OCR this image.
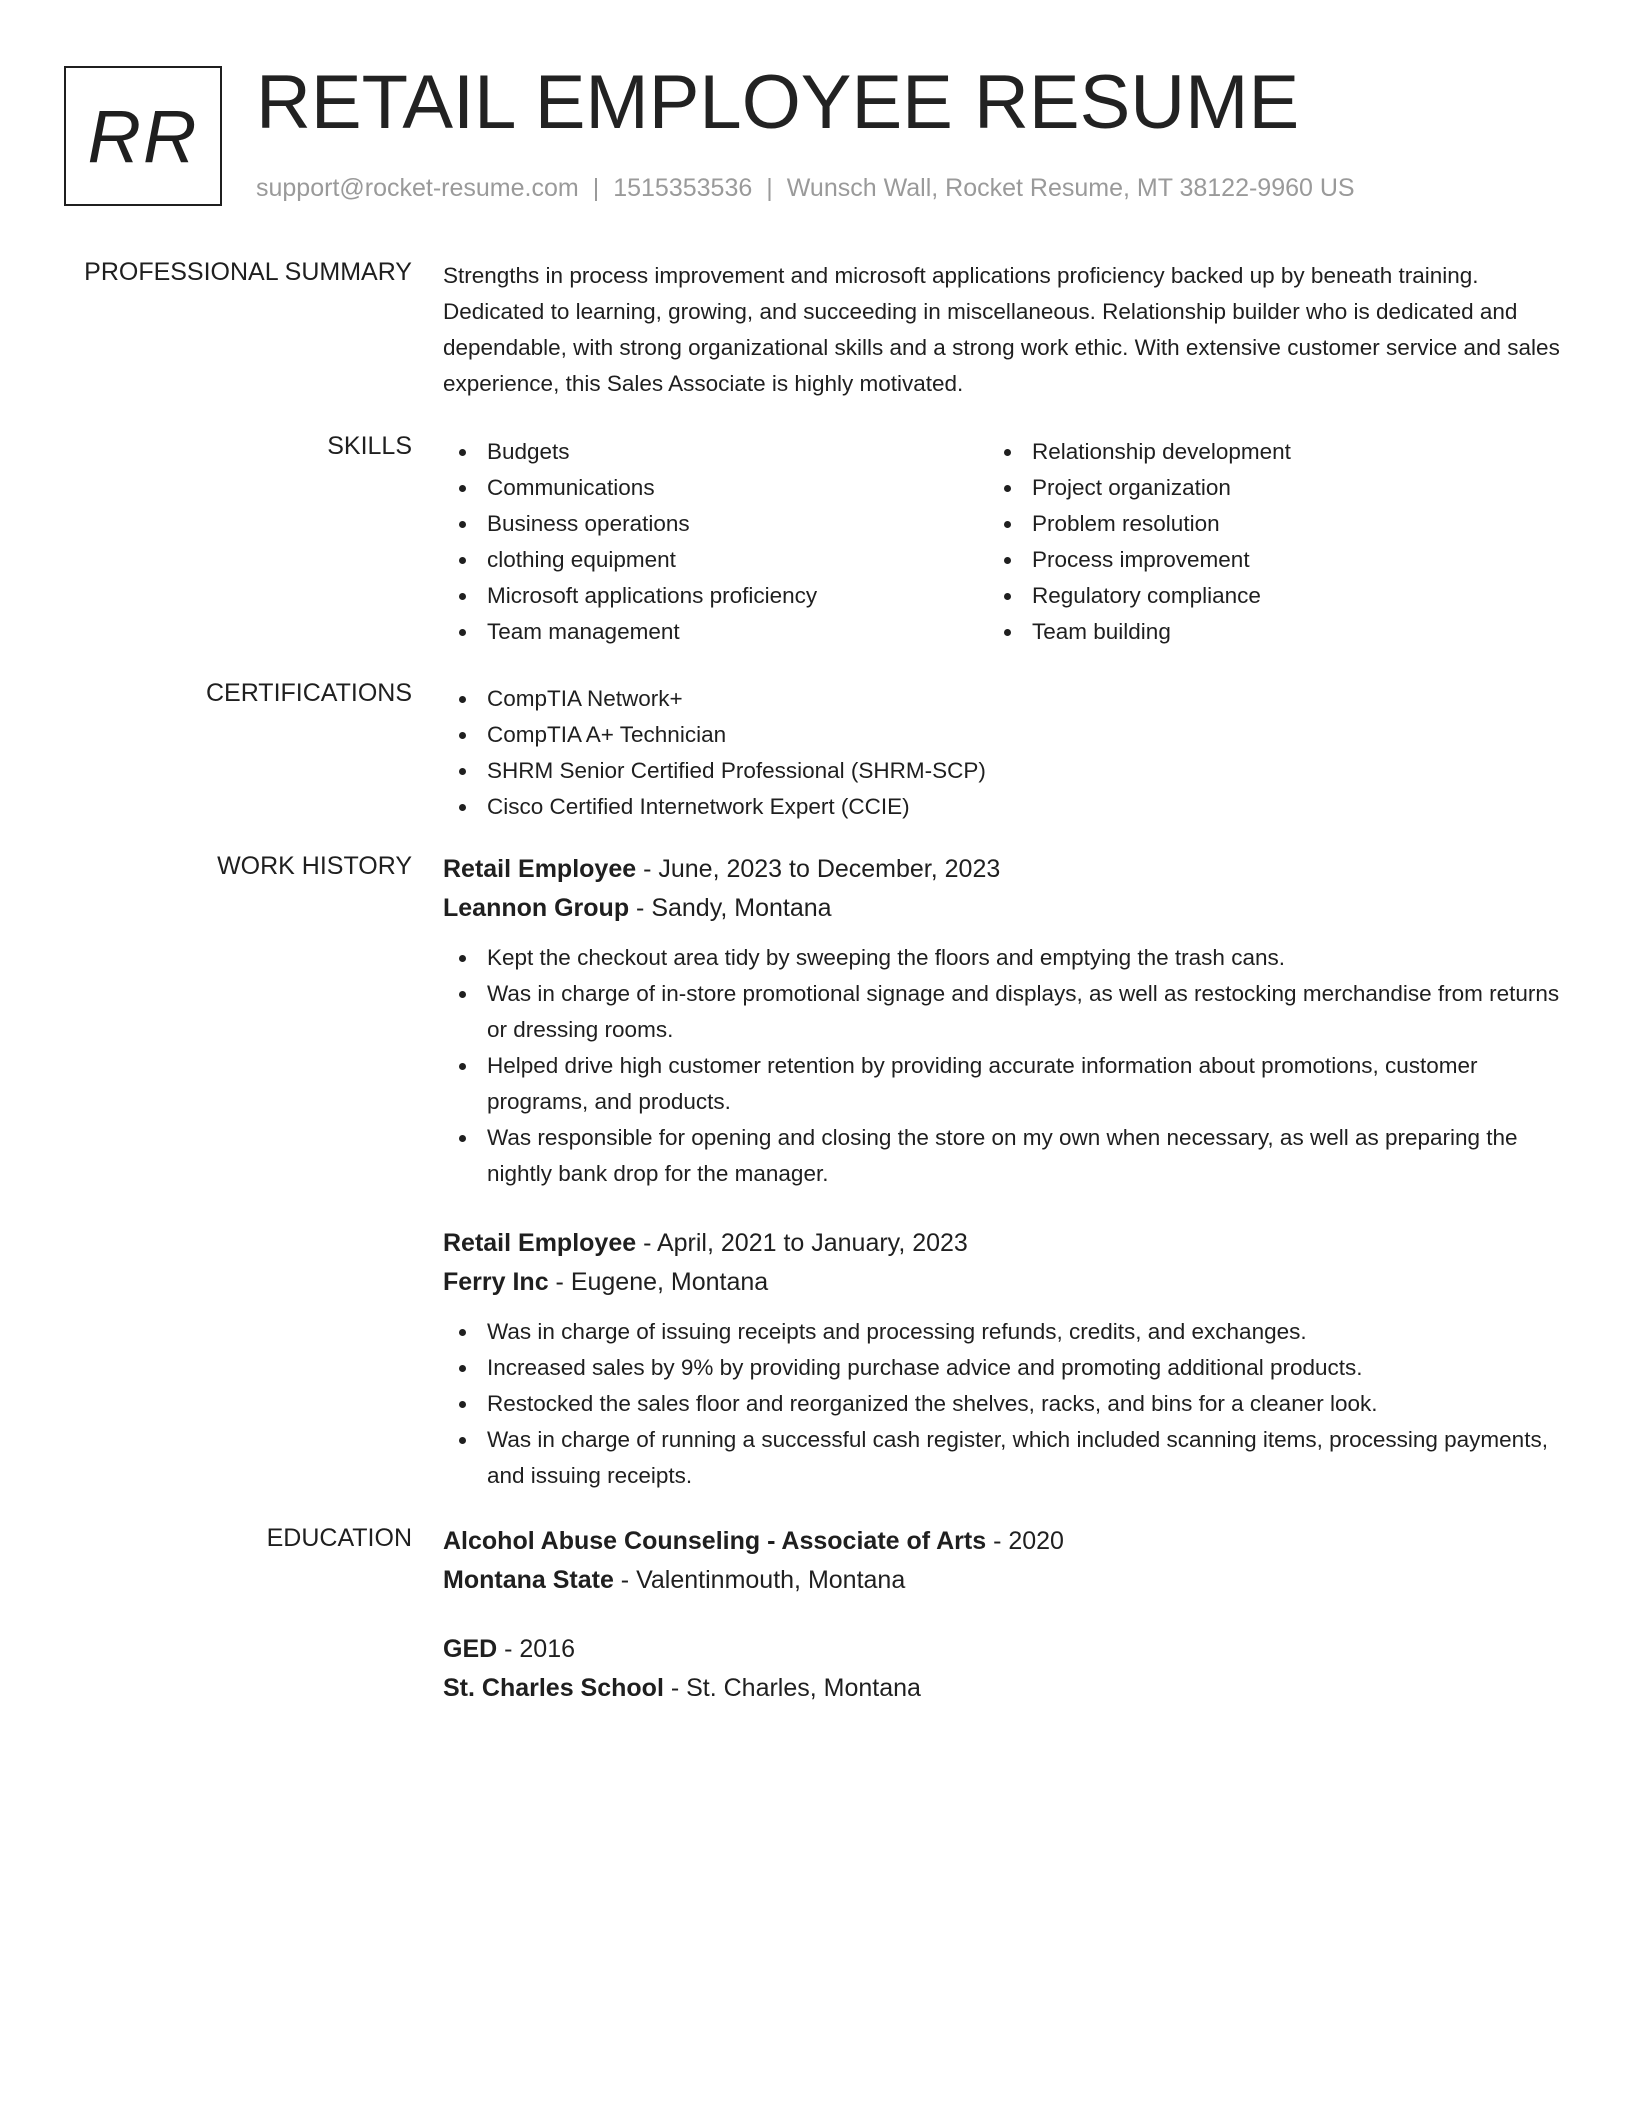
RR RETAIL EMPLOYEE RESUME
support@rocket-resume.com | 1515353536 | Wunsch Wall, Rocket Resume, MT 38122-9960 US
PROFESSIONAL SUMMARY Strengths in process improvement and microsoft applications proficiency backed up by beneath training. Dedicated to learning, growing, and succeeding in miscellaneous. Relationship builder who is dedicated and dependable, with strong organizational skills and a strong work ethic. With extensive customer service and sales experience, this Sales Associate is highly motivated.

SKILLS	Budgets
Communications
Business operations
clothing equipment
Microsoft applications proficiency
Team management
Relationship development
Project organization
Problem resolution
Process improvement
Regulatory compliance
Team building
CERTIFICATIONS	CompTIA Network+
CompTIA A+ Technician
SHRM Senior Certified Professional (SHRM-SCP)
Cisco Certified Internetwork Expert (CCIE)
WORK HISTORY Retail Employee - June, 2023 to December, 2023
Leannon Group - Sandy, Montana
Kept the checkout area tidy by sweeping the floors and emptying the trash cans.
Was in charge of in-store promotional signage and displays, as well as restocking merchandise from returns or dressing rooms.
Helped drive high customer retention by providing accurate information about promotions, customer programs, and products.
Was responsible for opening and closing the store on my own when necessary, as well as preparing the nightly bank drop for the manager.
Retail Employee - April, 2021 to January, 2023
Ferry Inc - Eugene, Montana
Was in charge of issuing receipts and processing refunds, credits, and exchanges.
Increased sales by 9% by providing purchase advice and promoting additional products.
Restocked the sales floor and reorganized the shelves, racks, and bins for a cleaner look.
Was in charge of running a successful cash register, which included scanning items, processing payments, and issuing receipts.
EDUCATION Alcohol Abuse Counseling - Associate of Arts - 2020
Montana State - Valentinmouth, Montana
GED - 2016
St. Charles School - St. Charles, Montana
